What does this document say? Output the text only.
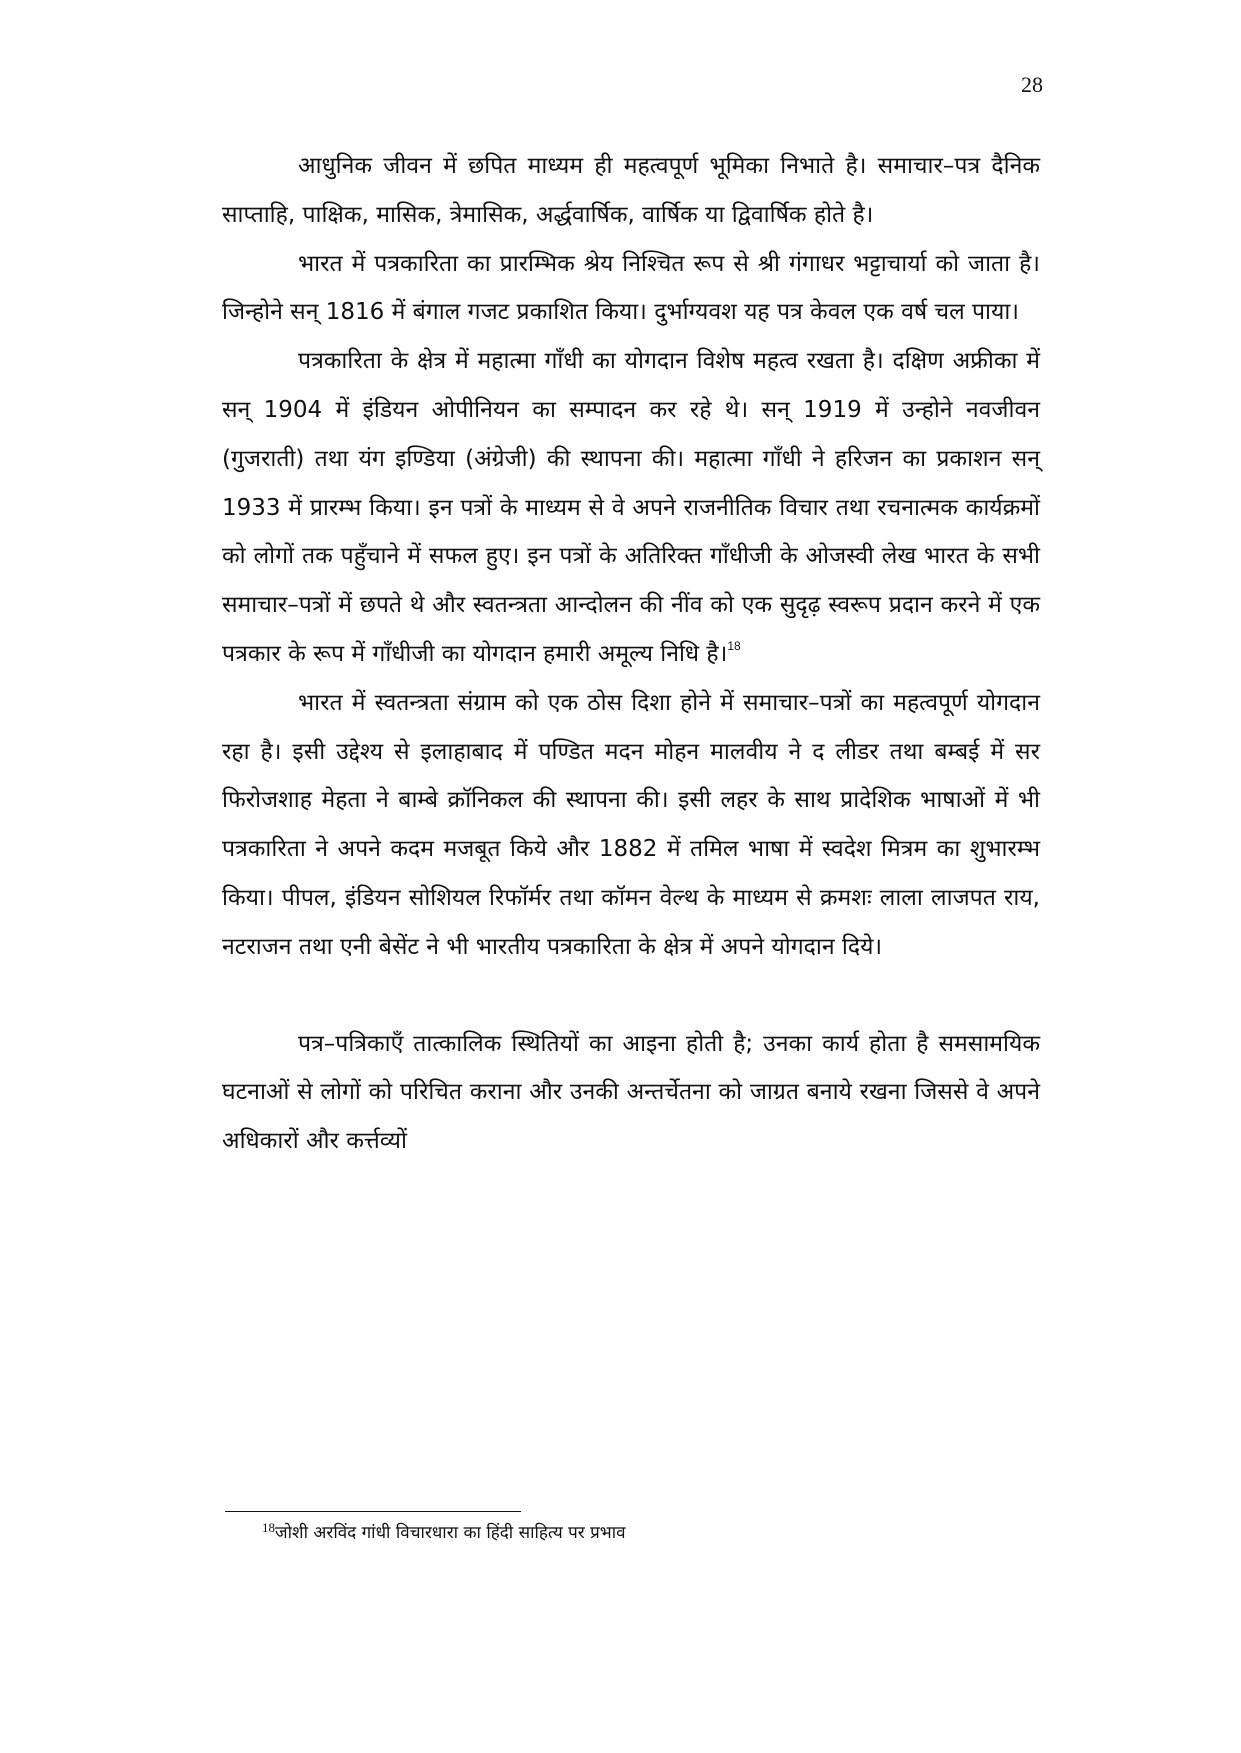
28

आधुनिक जीवन में छपित माध्यम ही महत्वपूर्ण भूमिका निभाते है। समाचार–पत्र दैनिक साप्ताहि, पाक्षिक, मासिक, त्रेमासिक, अर्द्धवार्षिक, वार्षिक या द्विवार्षिक होते है।

भारत में पत्रकारिता का प्रारम्भिक श्रेय निश्चित रूप से श्री गंगाधर भट्टाचार्या को जाता है। जिन्होने सन् 1816 में बंगाल गजट प्रकाशित किया। दुर्भाग्यवश यह पत्र केवल एक वर्ष चल पाया।

पत्रकारिता के क्षेत्र में महात्मा गाँधी का योगदान विशेष महत्व रखता है। दक्षिण अफ्रीका में सन् 1904 में इंडियन ओपीनियन का सम्पादन कर रहे थे। सन् 1919 में उन्होने नवजीवन (गुजराती) तथा यंग इण्डिया (अंग्रेजी) की स्थापना की। महात्मा गाँधी ने हरिजन का प्रकाशन सन् 1933 में प्रारम्भ किया। इन पत्रों के माध्यम से वे अपने राजनीतिक विचार तथा रचनात्मक कार्यक्रमों को लोगों तक पहुँचाने में सफल हुए। इन पत्रों के अतिरिक्त गाँधीजी के ओजस्वी लेख भारत के सभी समाचार–पत्रों में छपते थे और स्वतन्त्रता आन्दोलन की नींव को एक सुदृढ़ स्वरूप प्रदान करने में एक पत्रकार के रूप में गाँधीजी का योगदान हमारी अमूल्य निधि है।$^{18}$

भारत में स्वतन्त्रता संग्राम को एक ठोस दिशा होने में समाचार–पत्रों का महत्वपूर्ण योगदान रहा है। इसी उद्देश्य से इलाहाबाद में पण्डित मदन मोहन मालवीय ने द लीडर तथा बम्बई में सर फिरोजशाह मेहता ने बाम्बे क्रॉनिकल की स्थापना की। इसी लहर के साथ प्रादेशिक भाषाओं में भी पत्रकारिता ने अपने कदम मजबूत किये और 1882 में तमिल भाषा में स्वदेश मित्रम का शुभारम्भ किया। पीपल, इंडियन सोशियल रिफॉर्मर तथा कॉमन वेल्थ के माध्यम से क्रमशः लाला लाजपत राय, नटराजन तथा एनी बेसेंट ने भी भारतीय पत्रकारिता के क्षेत्र में अपने योगदान दिये।

पत्र–पत्रिकाएँ तात्कालिक स्थितियों का आइना होती है; उनका कार्य होता है समसामयिक घटनाओं से लोगों को परिचित कराना और उनकी अन्तर्चेतना को जाग्रत बनाये रखना जिससे वे अपने अधिकारों और कर्त्तव्यों

$^{18}$जोशी अरविंद गांधी विचारधारा का हिंदी साहित्य पर प्रभाव
